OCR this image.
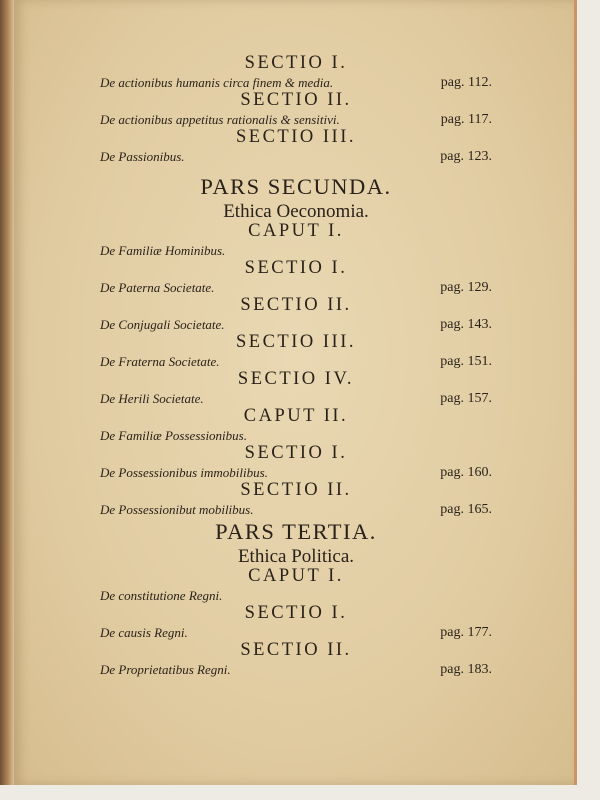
SECTIO I.
De actionibus humanis circa finem & media.	pag. 112.
SECTIO II.
De actionibus appetitus rationalis & sensitivi.	pag. 117.
SECTIO III.
De Passionibus.	pag. 123.
PARS SECUNDA.
Ethica Oeconomia.
CAPUT I.
De Familiæ Hominibus.
SECTIO I.
De Paterna Societate.	pag. 129.
SECTIO II.
De Conjugali Societate.	pag. 143.
SECTIO III.
De Fraterna Societate.	pag. 151.
SECTIO IV.
De Herili Societate.	pag. 157.
CAPUT II.
De Familiæ Possessionibus.
SECTIO I.
De Possessionibus immobilibus.	pag. 160.
SECTIO II.
De Possessionibut mobilibus.	pag. 165.
PARS TERTIA.
Ethica Politica.
CAPUT I.
De constitutione Regni.
SECTIO I.
De causis Regni.	pag. 177.
SECTIO II.
De Proprietatibus Regni.	pag. 183.
